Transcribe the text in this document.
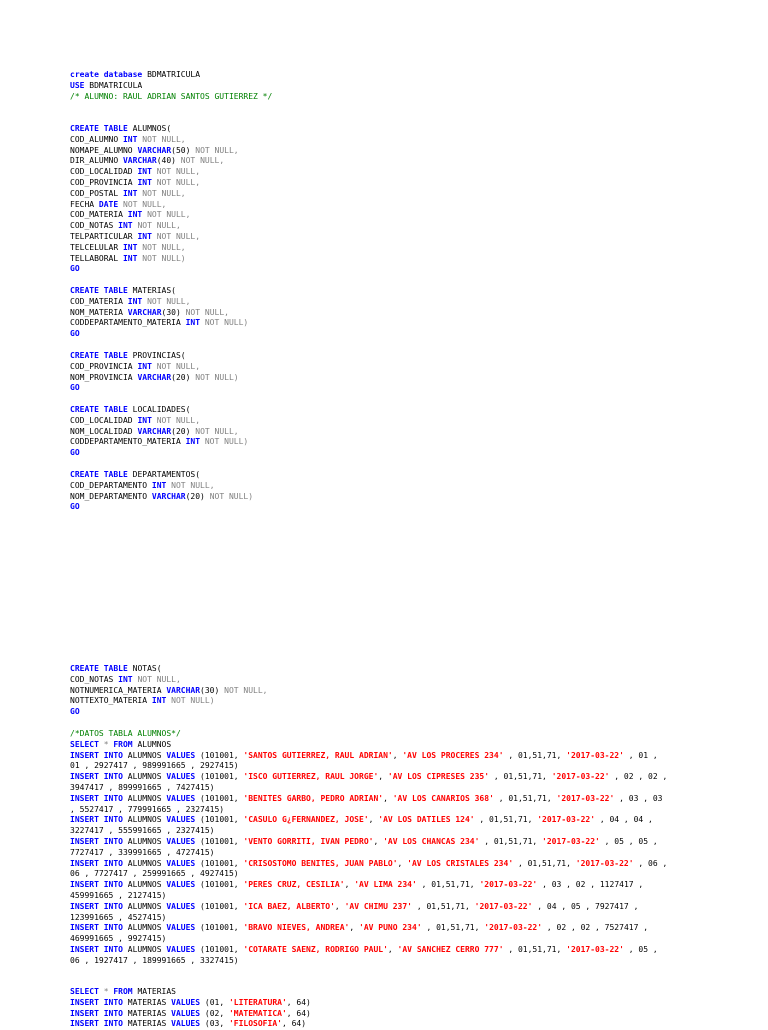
create database BDMATRICULA
USE BDMATRICULA
/* ALUMNO: RAUL ADRIAN SANTOS GUTIERREZ */
CREATE TABLE ALUMNOS(
COD_ALUMNO INT NOT NULL,
NOMAPE_ALUMNO VARCHAR(50) NOT NULL,
DIR_ALUMNO VARCHAR(40) NOT NULL,
COD_LOCALIDAD INT NOT NULL,
COD_PROVINCIA INT NOT NULL,
COD_POSTAL INT NOT NULL,
FECHA DATE NOT NULL,
COD_MATERIA INT NOT NULL,
COD_NOTAS INT NOT NULL,
TELPARTICULAR INT NOT NULL,
TELCELULAR INT NOT NULL,
TELLABORAL INT NOT NULL)
GO
CREATE TABLE MATERIAS(
COD_MATERIA INT NOT NULL,
NOM_MATERIA VARCHAR(30) NOT NULL,
CODDEPARTAMENTO_MATERIA INT NOT NULL)
GO
CREATE TABLE PROVINCIAS(
COD_PROVINCIA INT NOT NULL,
NOM_PROVINCIA VARCHAR(20) NOT NULL)
GO
CREATE TABLE LOCALIDADES(
COD_LOCALIDAD INT NOT NULL,
NOM_LOCALIDAD VARCHAR(20) NOT NULL,
CODDEPARTAMENTO_MATERIA INT NOT NULL)
GO
CREATE TABLE DEPARTAMENTOS(
COD_DEPARTAMENTO INT NOT NULL,
NOM_DEPARTAMENTO VARCHAR(20) NOT NULL)
GO
CREATE TABLE NOTAS(
COD_NOTAS INT NOT NULL,
NOTNUMERICA_MATERIA VARCHAR(30) NOT NULL,
NOTTEXTO_MATERIA INT NOT NULL)
GO
/*DATOS TABLA ALUMNOS*/
SELECT * FROM ALUMNOS
INSERT INTO ALUMNOS VALUES (101001, 'SANTOS GUTIERREZ, RAUL ADRIAN', 'AV LOS PROCERES 234' , 01,51,71, '2017-03-22' , 01 ,
01 , 2927417 , 989991665 , 2927415)
INSERT INTO ALUMNOS VALUES (101001, 'ISCO GUTIERREZ, RAUL JORGE', 'AV LOS CIPRESES 235' , 01,51,71, '2017-03-22' , 02 , 02 ,
3947417 , 899991665 , 7427415)
INSERT INTO ALUMNOS VALUES (101001, 'BENITES GARBO, PEDRO ADRIAN', 'AV LOS CANARIOS 368' , 01,51,71, '2017-03-22' , 03 , 03
, 5527417 , 779991665 , 2327415)
INSERT INTO ALUMNOS VALUES (101001, 'CASULO G¿FERNANDEZ, JOSE', 'AV LOS DATILES 124' , 01,51,71, '2017-03-22' , 04 , 04 ,
3227417 , 555991665 , 2327415)
INSERT INTO ALUMNOS VALUES (101001, 'VENTO GORRITI, IVAN PEDRO', 'AV LOS CHANCAS 234' , 01,51,71, '2017-03-22' , 05 , 05 ,
7727417 , 339991665 , 4727415)
INSERT INTO ALUMNOS VALUES (101001, 'CRISOSTOMO BENITES, JUAN PABLO', 'AV LOS CRISTALES 234' , 01,51,71, '2017-03-22' , 06 ,
06 , 7727417 , 259991665 , 4927415)
INSERT INTO ALUMNOS VALUES (101001, 'PERES CRUZ, CESILIA', 'AV LIMA 234' , 01,51,71, '2017-03-22' , 03 , 02 , 1127417 ,
459991665 , 2127415)
INSERT INTO ALUMNOS VALUES (101001, 'ICA BAEZ, ALBERTO', 'AV CHIMU 237' , 01,51,71, '2017-03-22' , 04 , 05 , 7927417 ,
123991665 , 4527415)
INSERT INTO ALUMNOS VALUES (101001, 'BRAVO NIEVES, ANDREA', 'AV PUNO 234' , 01,51,71, '2017-03-22' , 02 , 02 , 7527417 ,
469991665 , 9927415)
INSERT INTO ALUMNOS VALUES (101001, 'COTARATE SAENZ, RODRIGO PAUL', 'AV SANCHEZ CERRO 777' , 01,51,71, '2017-03-22' , 05 ,
06 , 1927417 , 189991665 , 3327415)
SELECT * FROM MATERIAS
INSERT INTO MATERIAS VALUES (01, 'LITERATURA', 64)
INSERT INTO MATERIAS VALUES (02, 'MATEMATICA', 64)
INSERT INTO MATERIAS VALUES (03, 'FILOSOFIA', 64)
